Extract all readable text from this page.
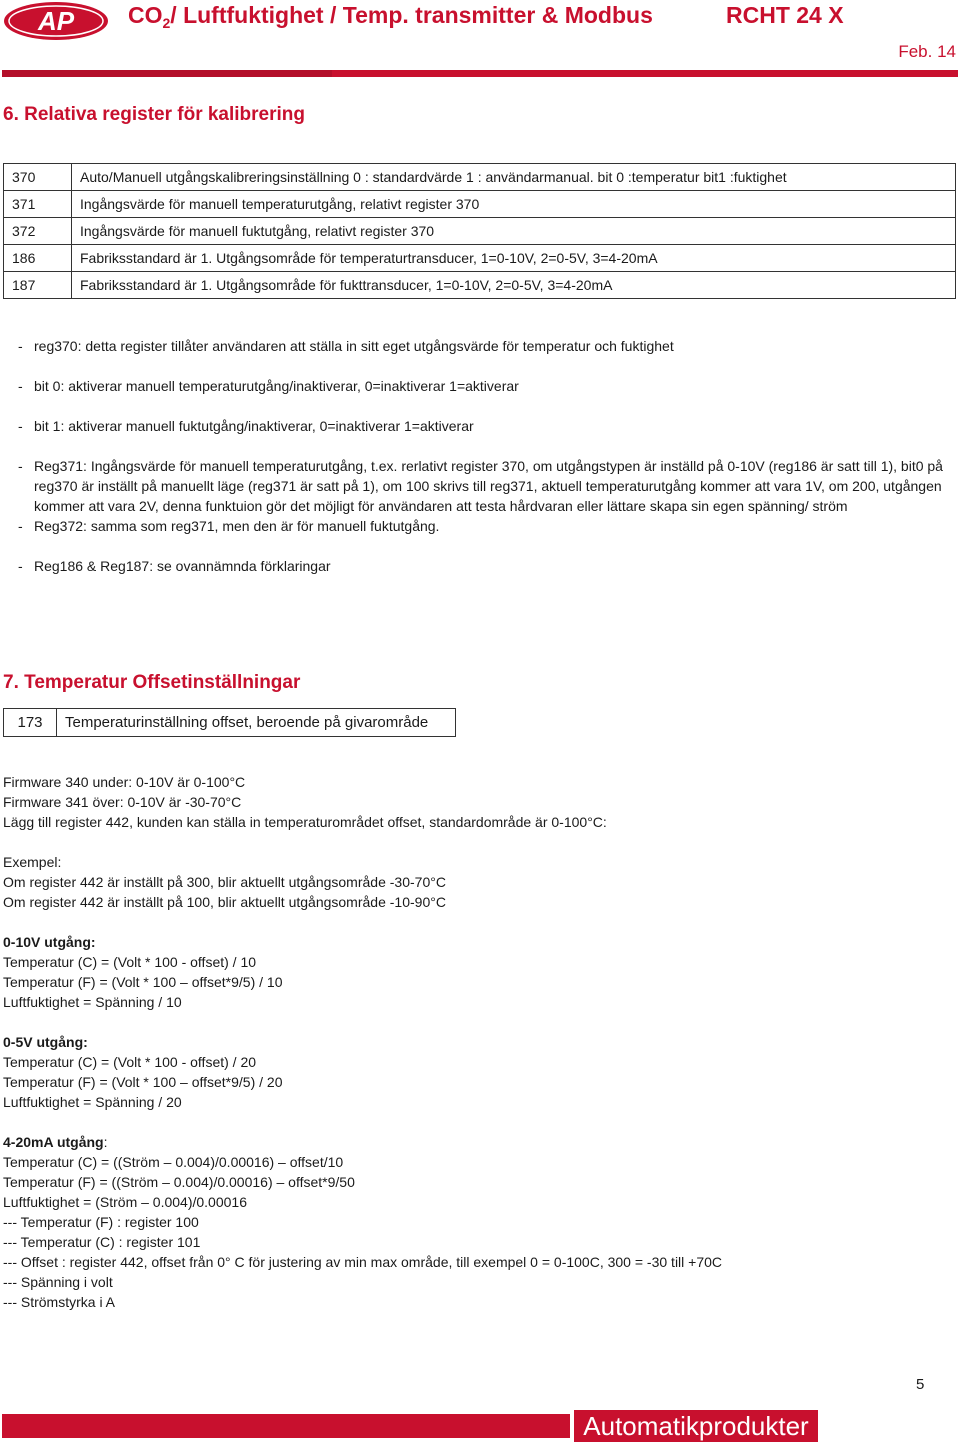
AP $CO_2/$ Luftfuktighet / Temp. transmitter & Modbus	RCHT 24 X
Feb. 14
6. Relativa register för kalibrering
370	Auto/Manuell utgångskalibreringsinställning 0 : standardvärde 1 : användarmanual. bit 0 :temperatur bit1 :fuktighet
371	Ingångsvärde för manuell temperaturutgång, relativt register 370
372	Ingångsvärde för manuell fuktutgång, relativt register 370
186	Fabriksstandard är 1. Utgångsområde för temperaturtransducer, 1=0-10V, 2=0-5V, 3=4-20mA
187	Fabriksstandard är 1. Utgångsområde för fukttransducer, 1=0-10V, 2=0-5V, 3=4-20mA
- reg370: detta register tillåter användaren att ställa in sitt eget utgångsvärde för temperatur och fuktighet
- bit 0: aktiverar manuell temperaturutgång/inaktiverar, 0=inaktiverar 1=aktiverar
- bit 1: aktiverar manuell fuktutgång/inaktiverar, 0=inaktiverar 1=aktiverar
- Reg371: Ingångsvärde för manuell temperaturutgång, t.ex. rerlativt register 370, om utgångstypen är inställd på 0-10V (reg186 är satt till 1), bit0 på reg370 är inställt på manuellt läge (reg371 är satt på 1), om 100 skrivs till reg371, aktuell temperaturutgång kommer att vara 1V, om 200, utgången kommer att vara 2V, denna funktuion gör det möjligt för användaren att testa hårdvaran eller lättare skapa sin egen spänning/ ström
- Reg372: samma som reg371, men den är för manuell fuktutgång.
- Reg186 & Reg187: se ovannämnda förklaringar
7. Temperatur Offsetinställningar
173	Temperaturinställning offset, beroende på givarområde
Firmware 340 under: 0-10V är 0-100°C
Firmware 341 över: 0-10V är -30-70°C
Lägg till register 442, kunden kan ställa in temperaturområdet offset, standardområde är 0-100°C:
Exempel:
Om register 442 är inställt på 300, blir aktuellt utgångsområde -30-70°C
Om register 442 är inställt på 100, blir aktuellt utgångsområde -10-90°C
0-10V utgång:
Temperatur (C) = (Volt * 100 - offset) / 10
Temperatur (F) = (Volt * 100 – offset*9/5) / 10
Luftfuktighet = Spänning / 10
0-5V utgång:
Temperatur (C) = (Volt * 100 - offset) / 20
Temperatur (F) = (Volt * 100 – offset*9/5) / 20
Luftfuktighet = Spänning / 20
4-20mA utgång:
Temperatur (C) = ((Ström – 0.004)/0.00016) – offset/10
Temperatur (F) = ((Ström – 0.004)/0.00016) – offset*9/50
Luftfuktighet = (Ström – 0.004)/0.00016
--- Temperatur (F) : register 100
--- Temperatur (C) : register 101
--- Offset : register 442, offset från 0° C för justering av min max område, till exempel 0 = 0-100C, 300 = -30 till +70C
--- Spänning i volt
--- Strömstyrka i A
5
Automatikprodukter
